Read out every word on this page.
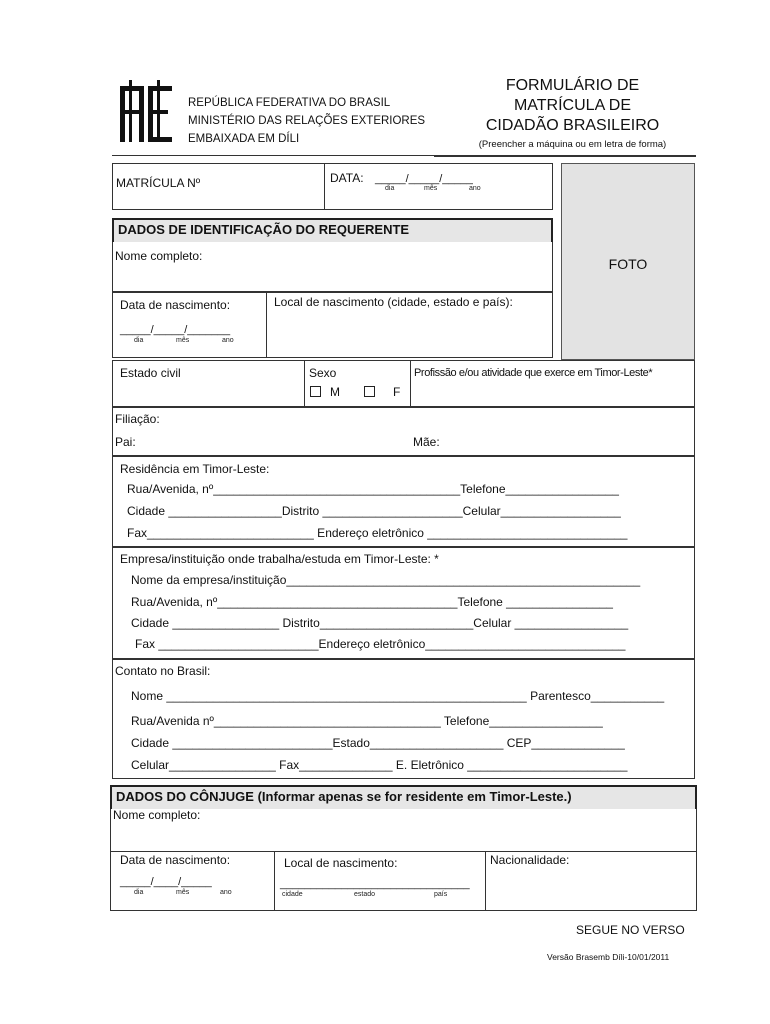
REPÚBLICA FEDERATIVA DO BRASIL
MINISTÉRIO DAS RELAÇÕES EXTERIORES
EMBAIXADA EM DÍLI
FORMULÁRIO DE
MATRÍCULA DE
CIDADÃO BRASILEIRO
(Preencher a máquina ou em letra de forma)
MATRÍCULA Nº	DATA: _____/_____/_____
dia	mês	ano
FOTO
DADOS DE IDENTIFICAÇÃO DO REQUERENTE
Nome completo:
Data de nascimento:
_____/_____/_______
dia	mês	ano
Local de nascimento (cidade, estado e país):
Estado civil	Sexo
M	F
Profissão e/ou atividade que exerce em Timor-Leste*
Filiação:
Pai:	Mãe:
Residência em Timor-Leste:
Rua/Avenida, nº_____________________________________Telefone_________________
Cidade _________________Distrito _____________________Celular__________________
Fax_________________________ Endereço eletrônico ______________________________
Empresa/instituição onde trabalha/estuda em Timor-Leste: *
Nome da empresa/instituição_____________________________________________________
Rua/Avenida, nº____________________________________Telefone ________________
Cidade ________________ Distrito_______________________Celular _________________
Fax ________________________Endereço eletrônico______________________________
Contato no Brasil:
Nome ______________________________________________________ Parentesco___________
Rua/Avenida nº__________________________________ Telefone_________________
Cidade ________________________Estado____________________ CEP______________
Celular________________ Fax______________ E. Eletrônico ________________________
DADOS DO CÔNJUGE (Informar apenas se for residente em Timor-Leste.)
Nome completo:
Data de nascimento:
_____/____/_____
dia	mês	ano
Local de nascimento:
_______________________________
cidade	estado	país
Nacionalidade:
SEGUE NO VERSO
Versão Brasemb Díli-10/01/2011
